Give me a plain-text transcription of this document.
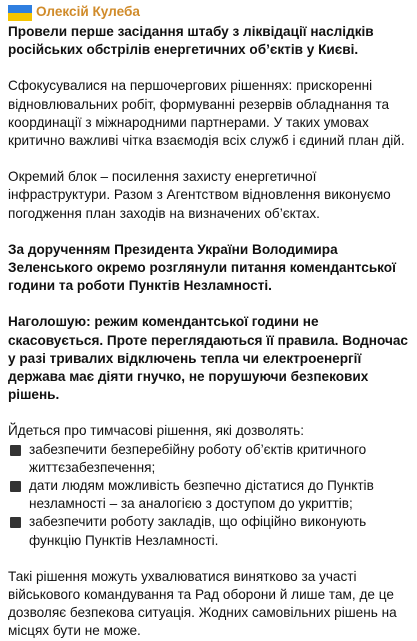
Олексій Кулеба

Провели перше засідання штабу з ліквідації наслідків російських обстрілів енергетичних об’єктів у Києві.

Сфокусувалися на першочергових рішеннях: прискоренні відновлювальних робіт, формуванні резервів обладнання та координації з міжнародними партнерами. У таких умовах критично важливі чітка взаємодія всіх служб і єдиний план дій.

Окремий блок – посилення захисту енергетичної інфраструктури. Разом з Агентством відновлення виконуємо погодження план заходів на визначених об’єктах.

За дорученням Президента України Володимира Зеленського окремо розглянули питання комендантської години та роботи Пунктів Незламності.

Наголошую: режим комендантської години не скасовується. Проте переглядаються її правила. Водночас у разі тривалих відключень тепла чи електроенергії держава має діяти гнучко, не порушуючи безпекових рішень.

Йдеться про тимчасові рішення, які дозволять:
забезпечити безперебійну роботу об’єктів критичного життєзабезпечення;
дати людям можливість безпечно дістатися до Пунктів незламності – за аналогією з доступом до укриттів;
забезпечити роботу закладів, що офіційно виконують функцію Пунктів Незламності.

Такі рішення можуть ухвалюватися винятково за участі військового командування та Рад оборони й лише там, де це дозволяє безпекова ситуація. Жодних самовільних рішень на місцях бути не може.
